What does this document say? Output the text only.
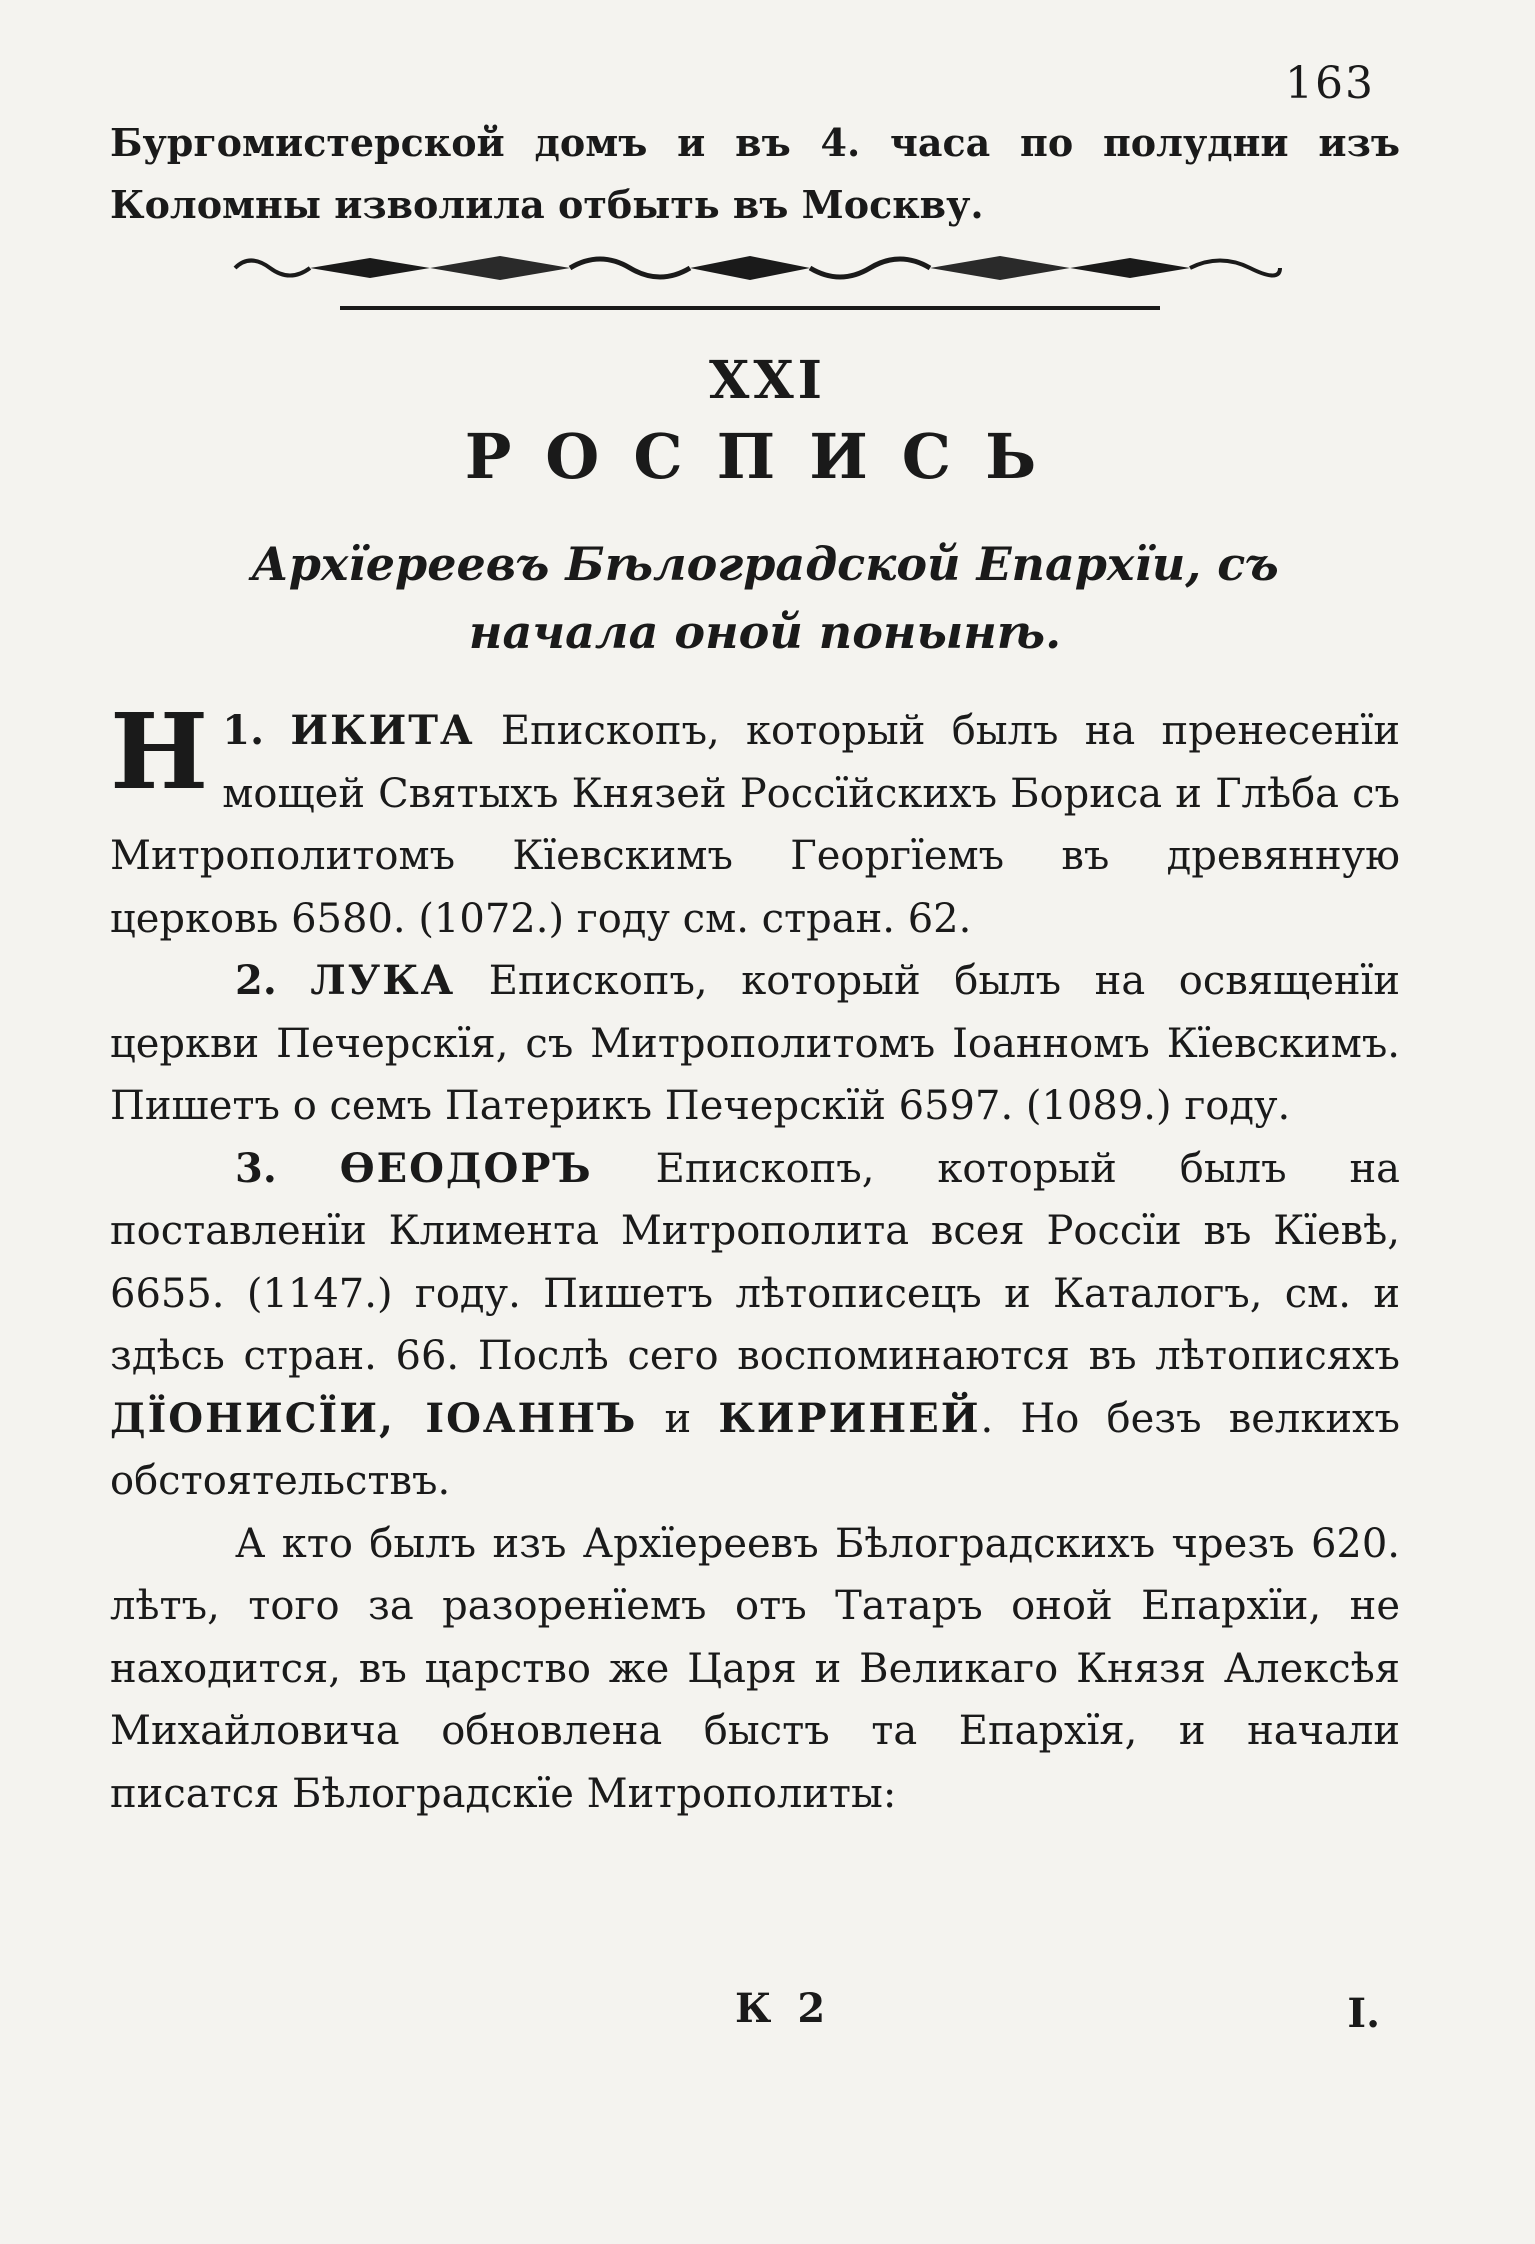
163
Бургомистерской домъ и въ 4. часа по полудни изъ Коломны изволила отбыть въ Москву.
XXI
РОСПИСЬ
Архїереевъ Бѣлоградской Епархїи, съ начала оной понынѣ.

1.
Н ИКИТА Епископъ, который былъ на пренесенїи мощей Святыхъ Князей Россїйскихъ Бориса и Глѣба съ Митрополитомъ Кїевскимъ Георгїемъ въ древянную церковь 6580. (1072.) году см. стран. 62.

2. ЛУКА Епископъ, который былъ на освященїи церкви Печерскїя, съ Митрополитомъ Іоанномъ Кїевскимъ. Пишетъ о семъ Патерикъ Печерскїй 6597. (1089.) году.

3. ѲЕОДОРЪ Епископъ, который былъ на поставленїи Климента Митрополита всея Россїи въ Кїевѣ, 6655. (1147.) году. Пишетъ лѣтописецъ и Каталогъ, см. и здѣсь стран. 66. Послѣ сего воспоминаются въ лѣтописяхъ ДЇОНИСЇИ, ІОАННЪ и КИРИНЕЙ. Но безъ велкихъ обстоятельствъ.

А кто былъ изъ Архїереевъ Бѣлоградскихъ чрезъ 620. лѣтъ, того за разоренїемъ отъ Татаръ оной Епархїи, не находится, въ царство же Царя и Великаго Князя Алексѣя Михайловича обновлена быстъ та Епархїя, и начали писатся Бѣлоградскїе Митрополиты:

К 2	I.
